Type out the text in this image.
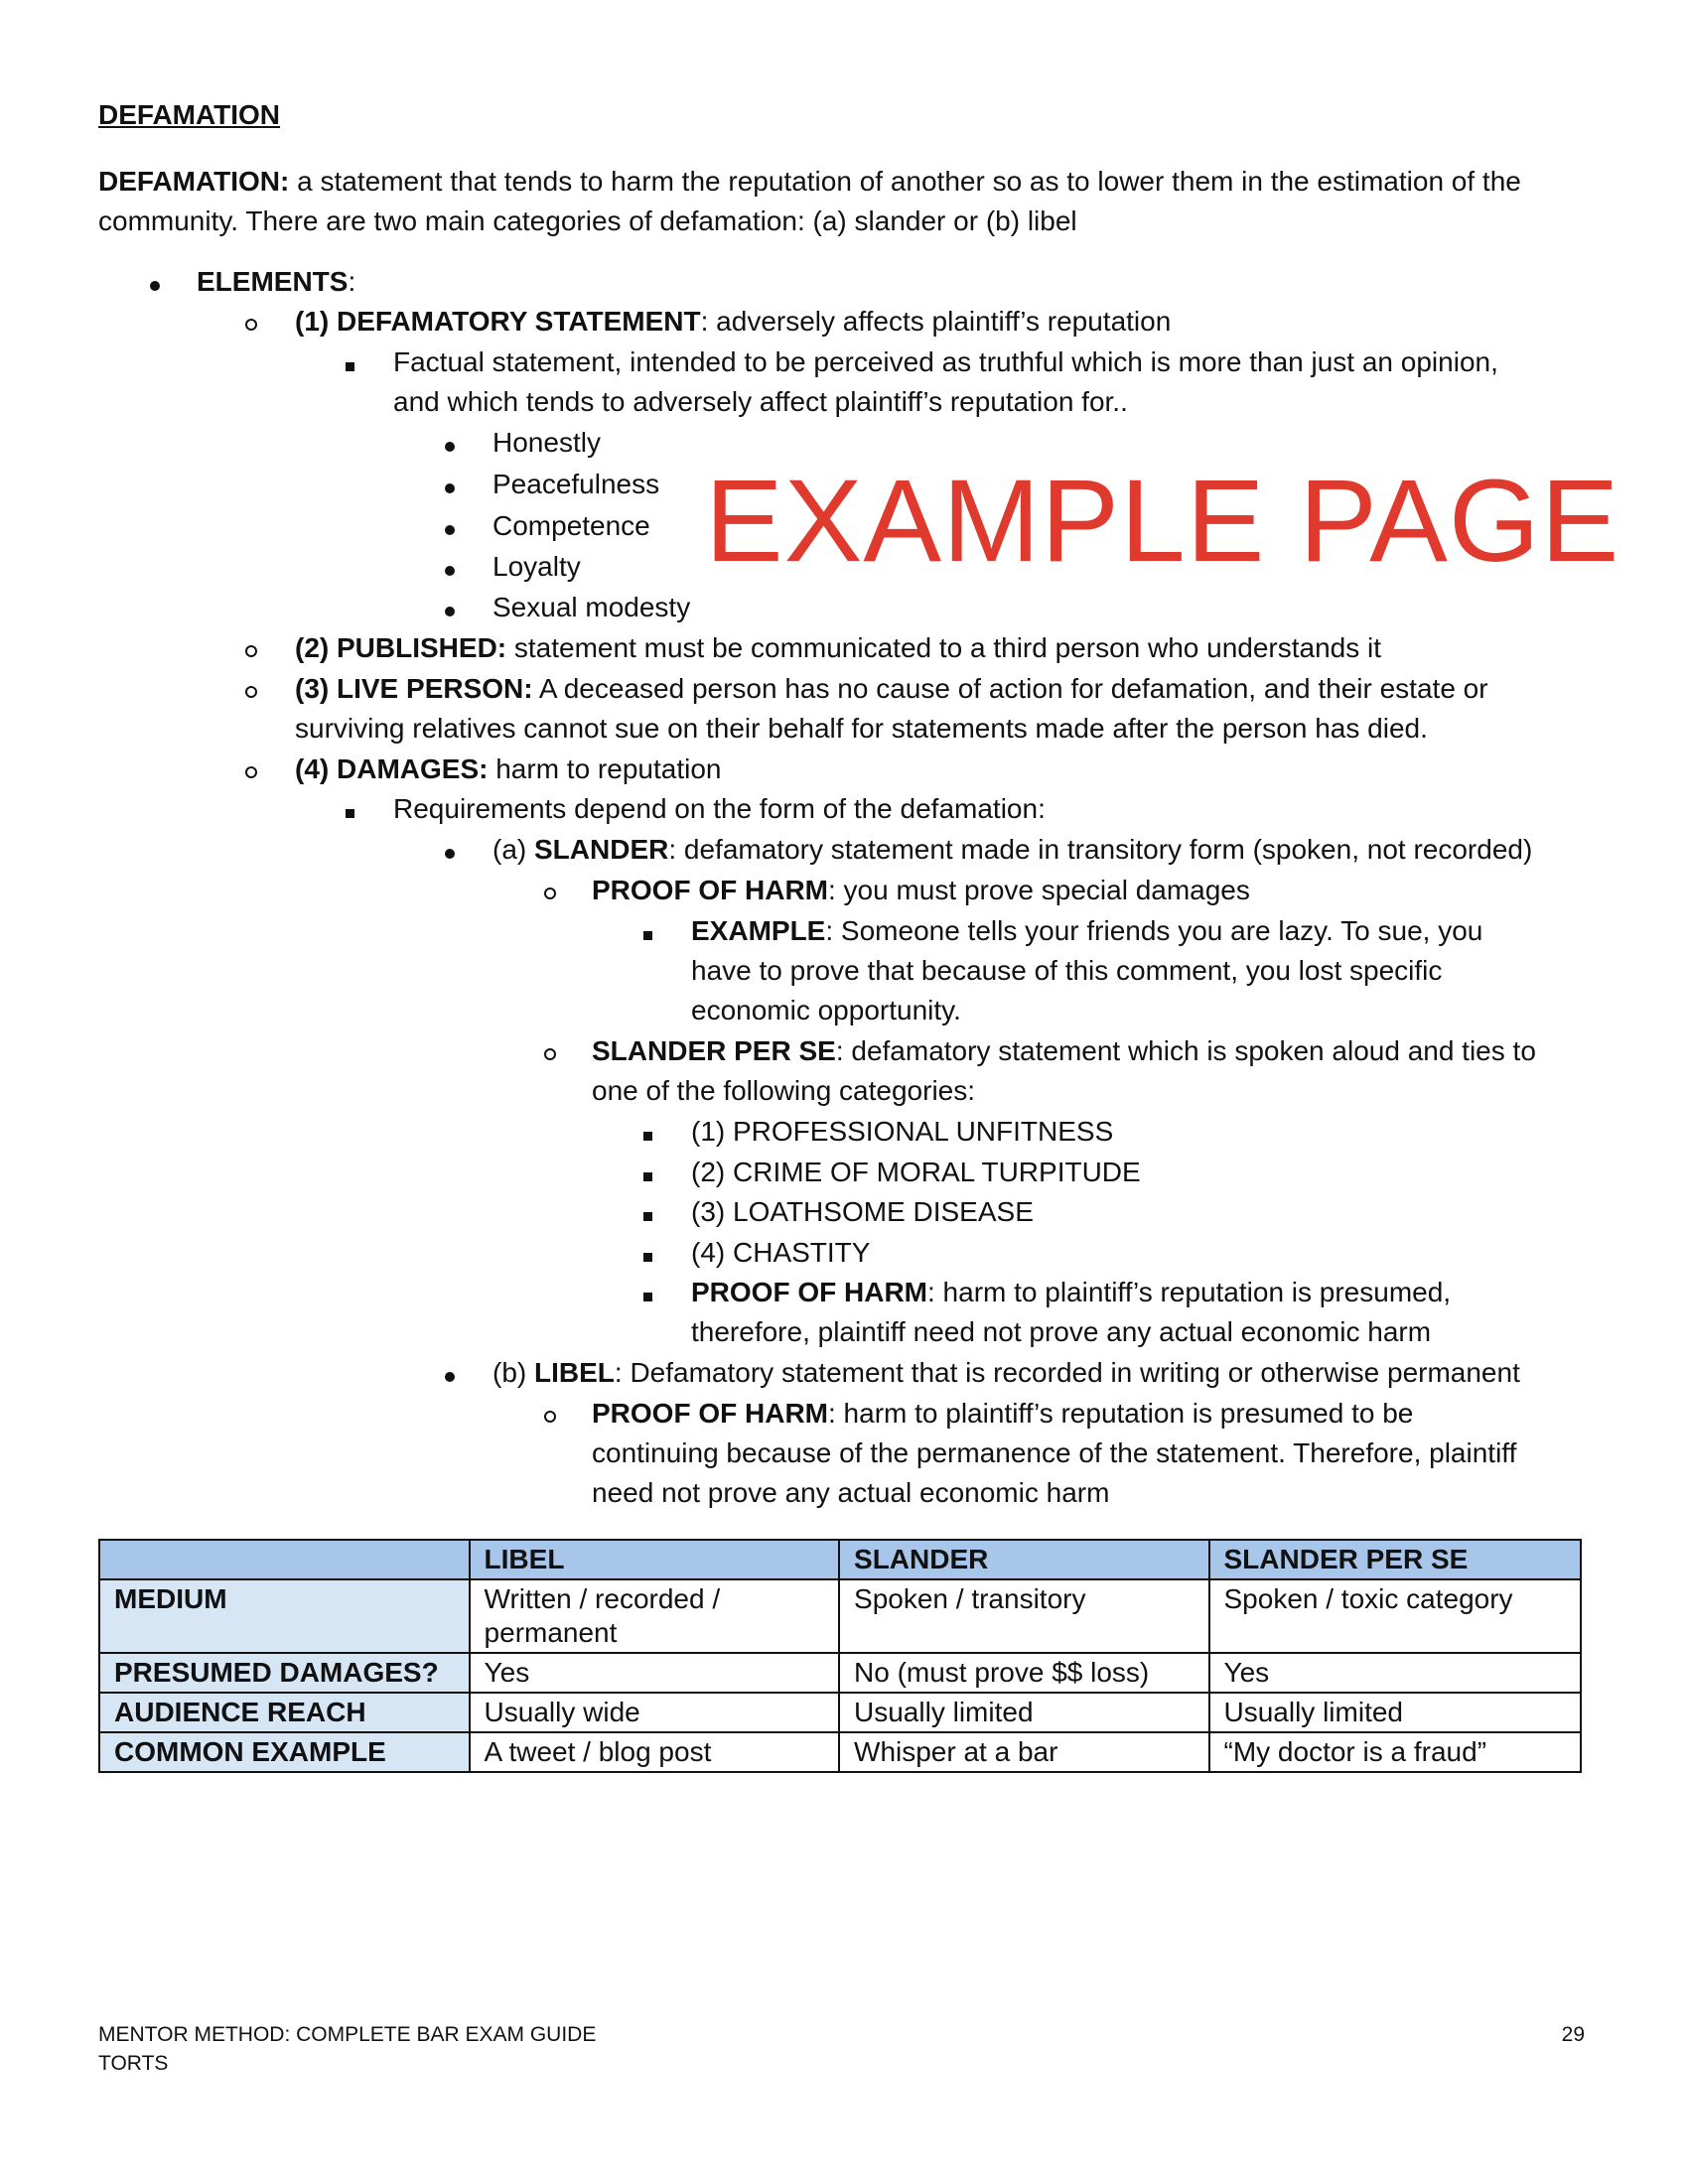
DEFAMATION

DEFAMATION: a statement that tends to harm the reputation of another so as to lower them in the estimation of the community. There are two main categories of defamation: (a) slander or (b) libel

ELEMENTS:
(1) DEFAMATORY STATEMENT: adversely affects plaintiff’s reputation
Factual statement, intended to be perceived as truthful which is more than just an opinion,
and which tends to adversely affect plaintiff’s reputation for..
Honestly
Peacefulness
Competence
Loyalty
Sexual modesty
(2) PUBLISHED: statement must be communicated to a third person who understands it
(3) LIVE PERSON: A deceased person has no cause of action for defamation, and their estate or
surviving relatives cannot sue on their behalf for statements made after the person has died.
(4) DAMAGES: harm to reputation
Requirements depend on the form of the defamation:
(a) SLANDER: defamatory statement made in transitory form (spoken, not recorded)
PROOF OF HARM: you must prove special damages
EXAMPLE: Someone tells your friends you are lazy. To sue, you
have to prove that because of this comment, you lost specific
economic opportunity.
SLANDER PER SE: defamatory statement which is spoken aloud and ties to
one of the following categories:
(1) PROFESSIONAL UNFITNESS
(2) CRIME OF MORAL TURPITUDE
(3) LOATHSOME DISEASE
(4) CHASTITY
PROOF OF HARM: harm to plaintiff’s reputation is presumed,
therefore, plaintiff need not prove any actual economic harm
(b) LIBEL: Defamatory statement that is recorded in writing or otherwise permanent
PROOF OF HARM: harm to plaintiff’s reputation is presumed to be
continuing because of the permanence of the statement. Therefore, plaintiff
need not prove any actual economic harm
EXAMPLE PAGE
	LIBEL	SLANDER	SLANDER PER SE
MEDIUM	Written / recorded / permanent	Spoken / transitory	Spoken / toxic category
PRESUMED DAMAGES?	Yes	No (must prove $$ loss)	Yes
AUDIENCE REACH	Usually wide	Usually limited	Usually limited
COMMON EXAMPLE	A tweet / blog post	Whisper at a bar	“My doctor is a fraud”
MENTOR METHOD: COMPLETE BAR EXAM GUIDE
TORTS
29
